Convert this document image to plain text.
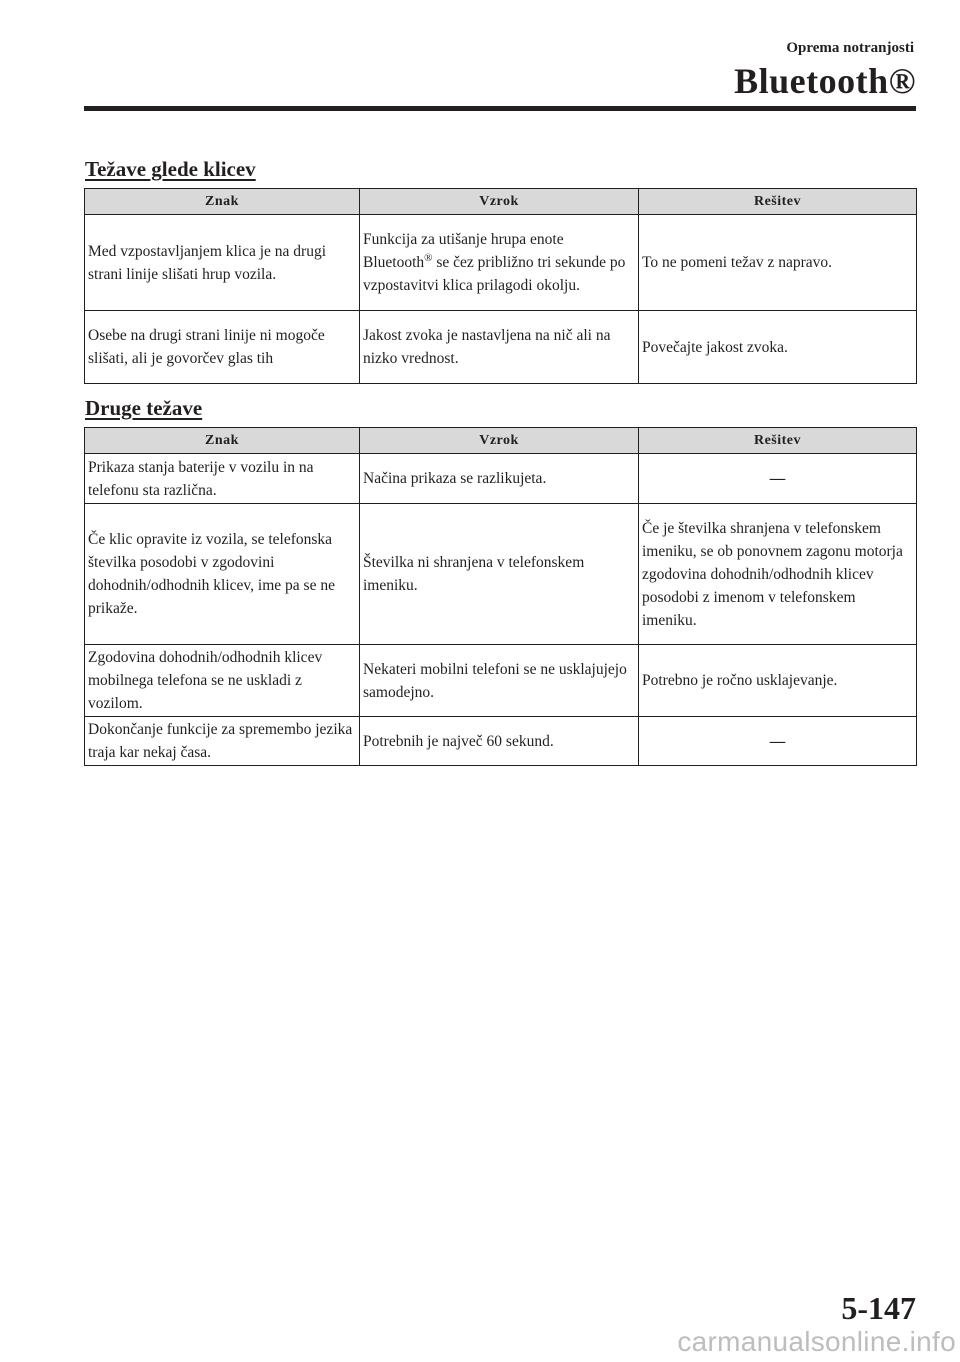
Oprema notranjosti
Bluetooth®
Težave glede klicev
Znak	Vzrok	Rešitev
Med vzpostavljanjem klica je na drugi strani linije slišati hrup vozila.	Funkcija za utišanje hrupa enote Bluetooth® se čez približno tri sekunde po vzpostavitvi klica prilagodi okolju.	To ne pomeni težav z napravo.
Osebe na drugi strani linije ni mogoče slišati, ali je govorčev glas tih	Jakost zvoka je nastavljena na nič ali na nizko vrednost.	Povečajte jakost zvoka.
Druge težave
Znak	Vzrok	Rešitev
Prikaza stanja baterije v vozilu in na telefonu sta različna.	Načina prikaza se razlikujeta.	—
Če klic opravite iz vozila, se telefonska številka posodobi v zgodovini dohodnih/odhodnih klicev, ime pa se ne prikaže.	Številka ni shranjena v telefonskem imeniku.	Če je številka shranjena v telefonskem imeniku, se ob ponovnem zagonu motorja zgodovina dohodnih/odhodnih klicev posodobi z imenom v telefonskem imeniku.
Zgodovina dohodnih/odhodnih klicev mobilnega telefona se ne uskladi z vozilom.	Nekateri mobilni telefoni se ne usklajujejo samodejno.	Potrebno je ročno usklajevanje.
Dokončanje funkcije za spremembo jezika traja kar nekaj časa.	Potrebnih je največ 60 sekund.	—
5-147
carmanualsonline.info
